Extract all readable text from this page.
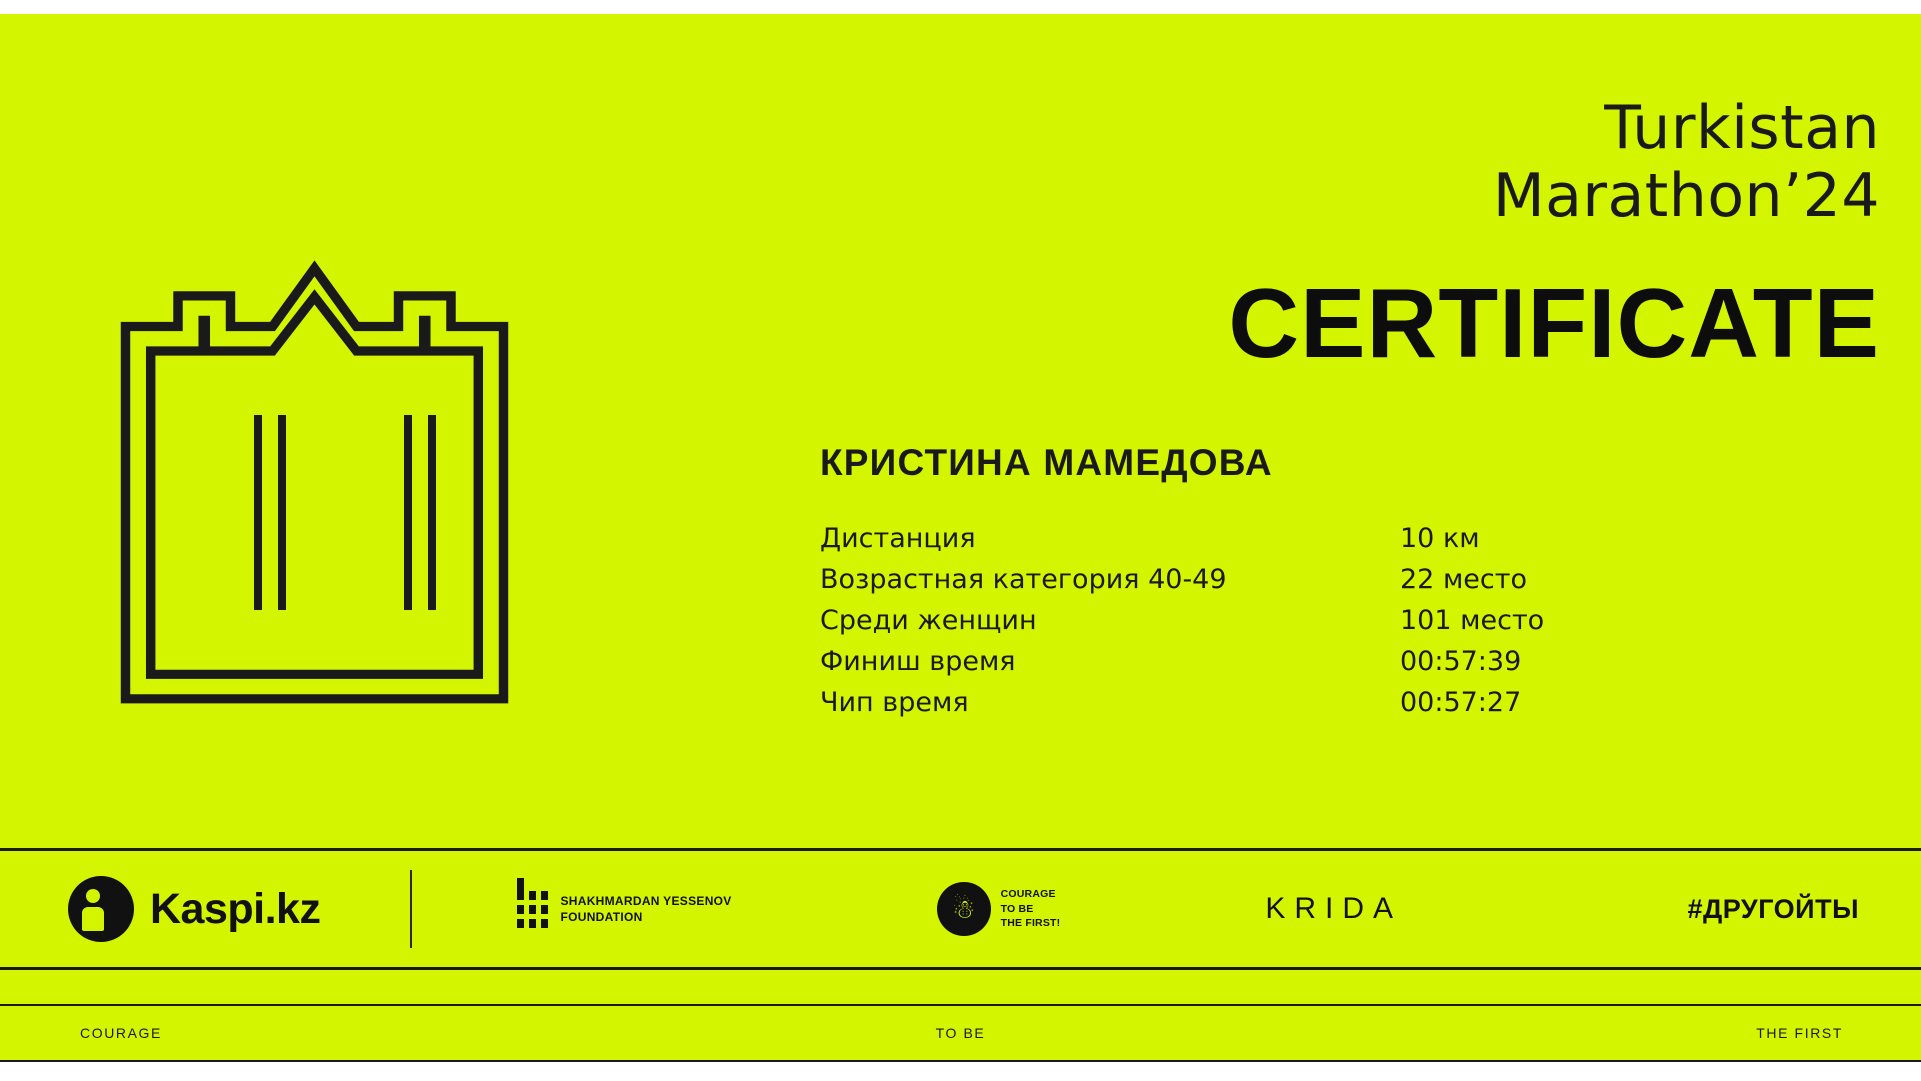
Turkistan
Marathon’24
CERTIFICATE
КРИСТИНА МАМЕДОВА
Дистанция	10 км
Возрастная категория 40-49	22 место
Среди женщин	101 место
Финиш время	00:57:39
Чип время	00:57:27
Kaspi.kz	SHAKHMARDAN YESSENOV
FOUNDATION	☃
COURAGE
TO BE
THE FIRST!	KRIDA	#ДРУГОЙТЫ
COURAGE	TO BE	THE FIRST
